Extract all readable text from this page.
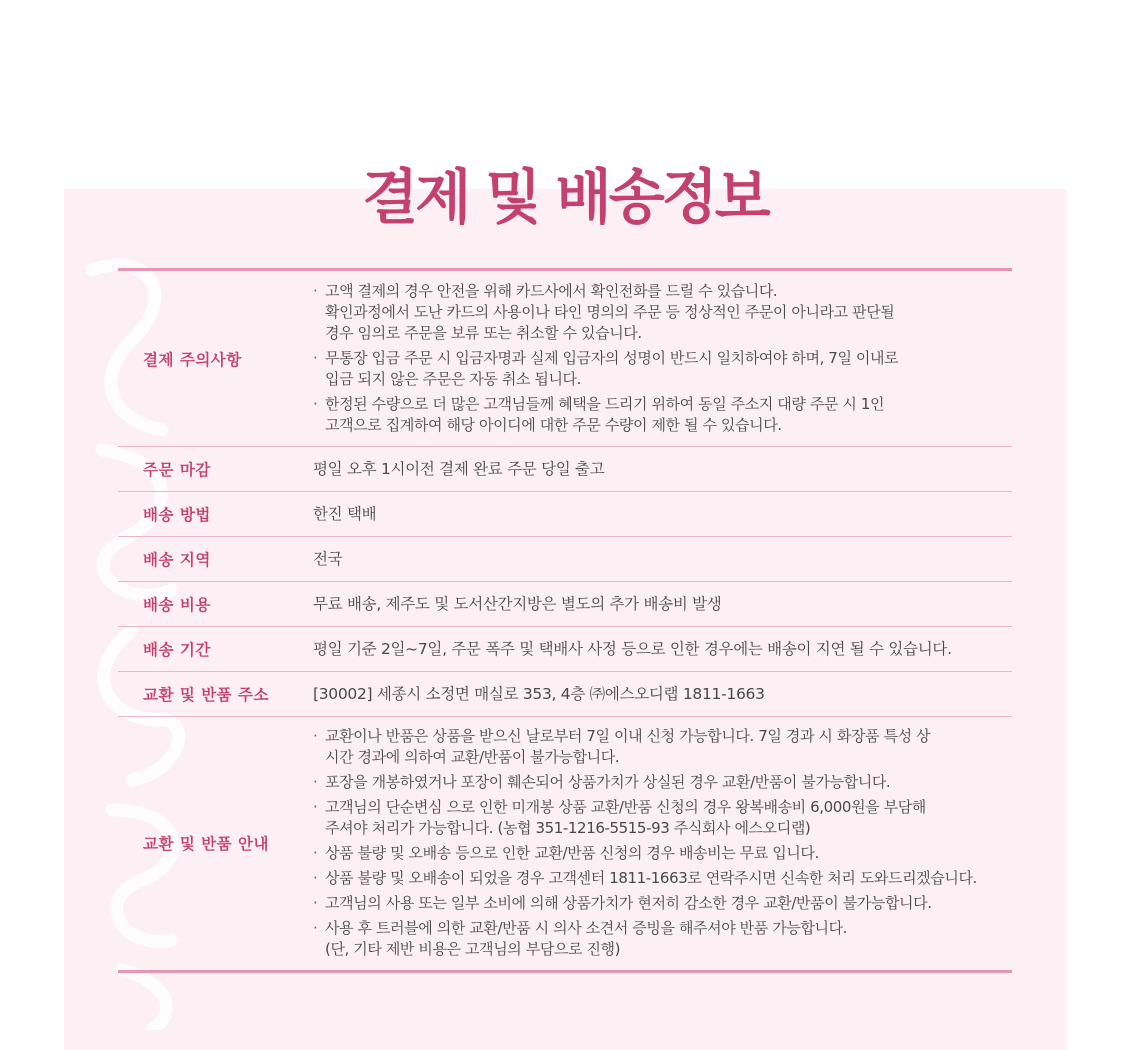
결제 및 배송정보
결제 주의사항
· 고액 결제의 경우 안전을 위해 카드사에서 확인전화를 드릴 수 있습니다.
확인과정에서 도난 카드의 사용이나 타인 명의의 주문 등 정상적인 주문이 아니라고 판단될
경우 임의로 주문을 보류 또는 취소할 수 있습니다.
· 무통장 입금 주문 시 입금자명과 실제 입금자의 성명이 반드시 일치하여야 하며, 7일 이내로
입금 되지 않은 주문은 자동 취소 됩니다.
· 한정된 수량으로 더 많은 고객님들께 혜택을 드리기 위하여 동일 주소지 대량 주문 시 1인
고객으로 집계하여 해당 아이디에 대한 주문 수량이 제한 될 수 있습니다.
주문 마감	평일 오후 1시이전 결제 완료 주문 당일 출고
배송 방법	한진 택배
배송 지역	전국
배송 비용	무료 배송, 제주도 및 도서산간지방은 별도의 추가 배송비 발생
배송 기간	평일 기준 2일~7일, 주문 폭주 및 택배사 사정 등으로 인한 경우에는 배송이 지연 될 수 있습니다.
교환 및 반품 주소	[30002] 세종시 소정면 매실로 353, 4층 ㈜에스오디랩 1811-1663
교환 및 반품 안내
· 교환이나 반품은 상품을 받으신 날로부터 7일 이내 신청 가능합니다. 7일 경과 시 화장품 특성 상
시간 경과에 의하여 교환/반품이 불가능합니다.
· 포장을 개봉하였거나 포장이 훼손되어 상품가치가 상실된 경우 교환/반품이 불가능합니다.
· 고객님의 단순변심 으로 인한 미개봉 상품 교환/반품 신청의 경우 왕복배송비 6,000원을 부담해
주셔야 처리가 가능합니다. (농협 351-1216-5515-93 주식회사 에스오디랩)
· 상품 불량 및 오배송 등으로 인한 교환/반품 신청의 경우 배송비는 무료 입니다.
· 상품 불량 및 오배송이 되었을 경우 고객센터 1811-1663로 연락주시면 신속한 처리 도와드리겠습니다.
· 고객님의 사용 또는 일부 소비에 의해 상품가치가 현저히 감소한 경우 교환/반품이 불가능합니다.
· 사용 후 트러블에 의한 교환/반품 시 의사 소견서 증빙을 해주셔야 반품 가능합니다.
(단, 기타 제반 비용은 고객님의 부담으로 진행)
